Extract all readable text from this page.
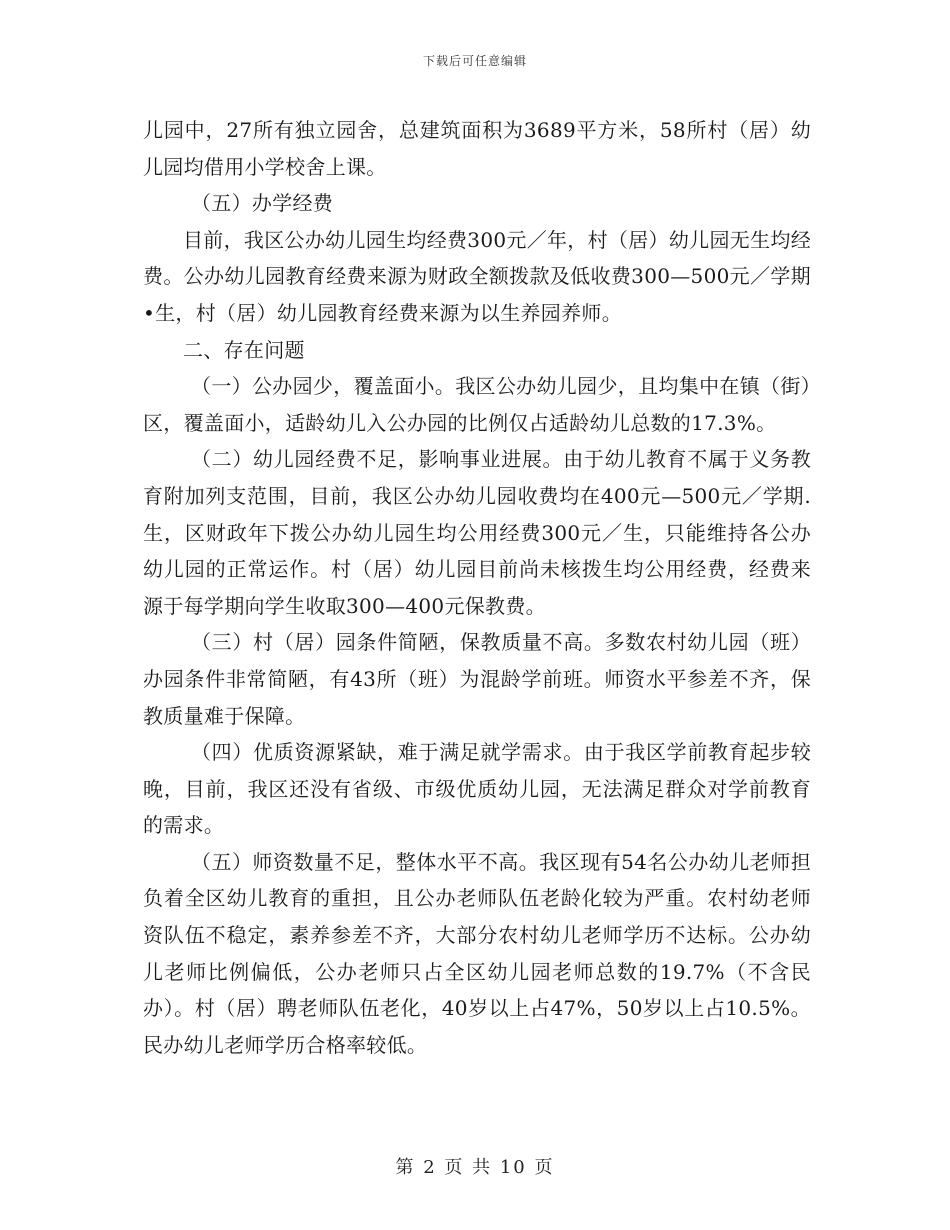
下载后可任意编辑

儿园中，27所有独立园舍，总建筑面积为3689平方米，58所村（居）幼儿园均借用小学校舍上课。

（五）办学经费

目前，我区公办幼儿园生均经费300元／年，村（居）幼儿园无生均经费。公办幼儿园教育经费来源为财政全额拨款及低收费300—500元／学期•生，村（居）幼儿园教育经费来源为以生养园养师。

二、存在问题

（一）公办园少，覆盖面小。我区公办幼儿园少，且均集中在镇（街）区，覆盖面小，适龄幼儿入公办园的比例仅占适龄幼儿总数的17.3%。

（二）幼儿园经费不足，影响事业进展。由于幼儿教育不属于义务教育附加列支范围，目前，我区公办幼儿园收费均在400元—500元／学期.生，区财政年下拨公办幼儿园生均公用经费300元／生，只能维持各公办幼儿园的正常运作。村（居）幼儿园目前尚未核拨生均公用经费，经费来源于每学期向学生收取300—400元保教费。

（三）村（居）园条件简陋，保教质量不高。多数农村幼儿园（班）办园条件非常简陋，有43所（班）为混龄学前班。师资水平参差不齐，保教质量难于保障。

（四）优质资源紧缺，难于满足就学需求。由于我区学前教育起步较晚，目前，我区还没有省级、市级优质幼儿园，无法满足群众对学前教育的需求。

（五）师资数量不足，整体水平不高。我区现有54名公办幼儿老师担负着全区幼儿教育的重担，且公办老师队伍老龄化较为严重。农村幼老师资队伍不稳定，素养参差不齐，大部分农村幼儿老师学历不达标。公办幼儿老师比例偏低，公办老师只占全区幼儿园老师总数的19.7%（不含民办）。村（居）聘老师队伍老化，40岁以上占47%，50岁以上占10.5%。民办幼儿老师学历合格率较低。

第 2 页 共 10 页
